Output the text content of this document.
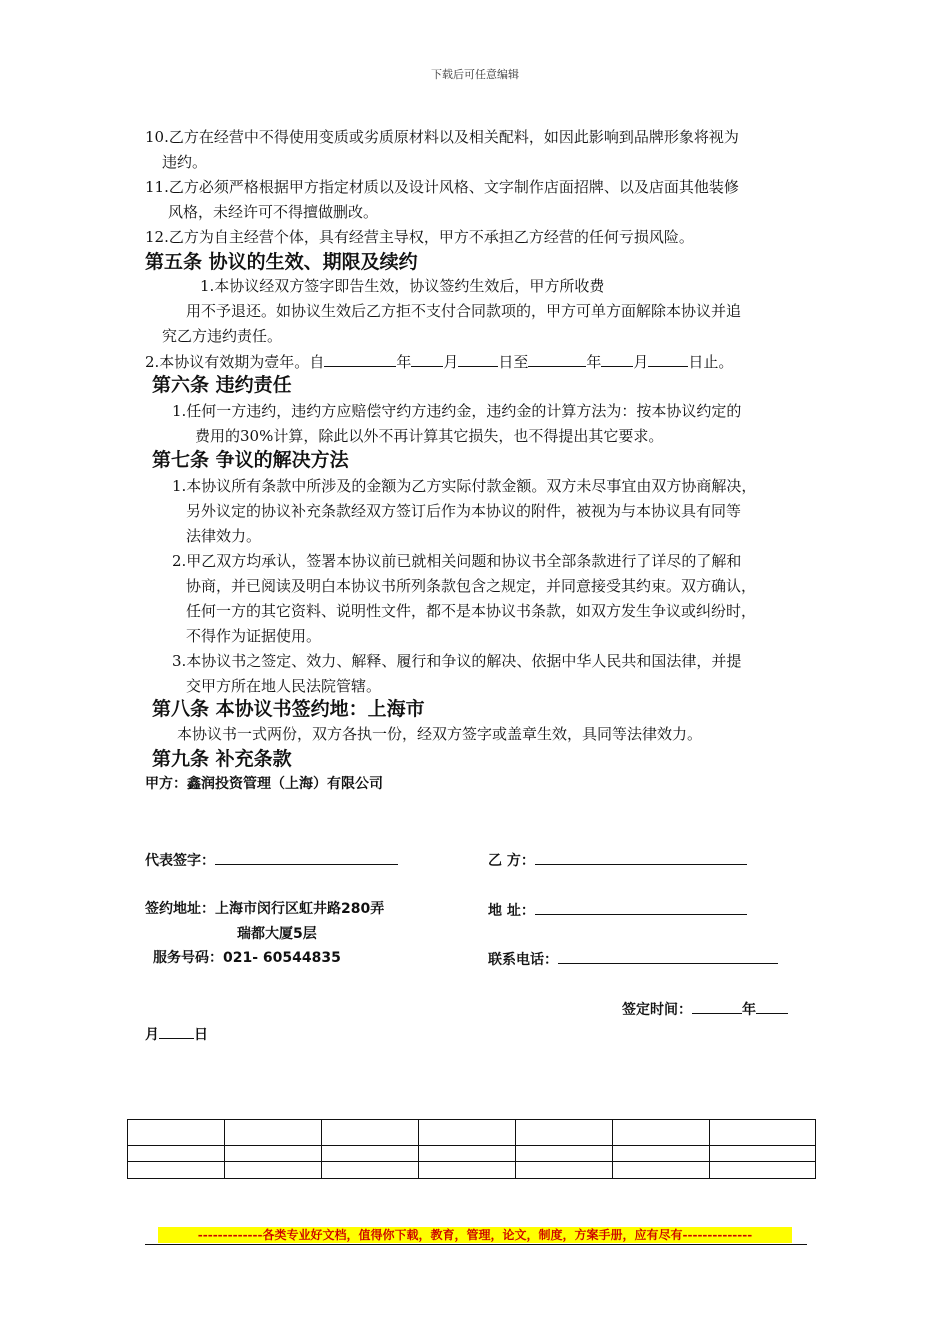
下载后可任意编辑
10.乙方在经营中不得使用变质或劣质原材料以及相关配料，如因此影响到品牌形象将视为
违约。
11.乙方必须严格根据甲方指定材质以及设计风格、文字制作店面招牌、以及店面其他装修
风格，未经许可不得擅做删改。
12.乙方为自主经营个体，具有经营主导权，甲方不承担乙方经营的任何亏损风险。
第五条 协议的生效、期限及续约
1.本协议经双方签字即告生效，协议签约生效后，甲方所收费
用不予退还。如协议生效后乙方拒不支付合同款项的，甲方可单方面解除本协议并追
究乙方违约责任。
2.本协议有效期为壹年。自	年 月	日至	年 月	日止。
第六条 违约责任
1.任何一方违约，违约方应赔偿守约方违约金，违约金的计算方法为：按本协议约定的
费用的30%计算，除此以外不再计算其它损失，也不得提出其它要求。
第七条 争议的解决方法
1.本协议所有条款中所涉及的金额为乙方实际付款金额。双方未尽事宜由双方协商解决，
另外议定的协议补充条款经双方签订后作为本协议的附件，被视为与本协议具有同等
法律效力。
2.甲乙双方均承认，签署本协议前已就相关问题和协议书全部条款进行了详尽的了解和
协商，并已阅读及明白本协议书所列条款包含之规定，并同意接受其约束。双方确认，
任何一方的其它资料、说明性文件，都不是本协议书条款，如双方发生争议或纠纷时，
不得作为证据使用。
3.本协议书之签定、效力、解释、履行和争议的解决、依据中华人民共和国法律，并提
交甲方所在地人民法院管辖。
第八条 本协议书签约地：上海市
本协议书一式两份，双方各执一份，经双方签字或盖章生效，具同等法律效力。
第九条 补充条款
甲方：鑫润投资管理（上海）有限公司
代表签字：	乙 方：
签约地址：上海市闵行区虹井路280弄	地 址：
瑞都大厦5层
服务号码：021- 60544835	联系电话：
签定时间：	年
月	日

-------------各类专业好文档，值得你下载，教育，管理，论文，制度，方案手册，应有尽有--------------
